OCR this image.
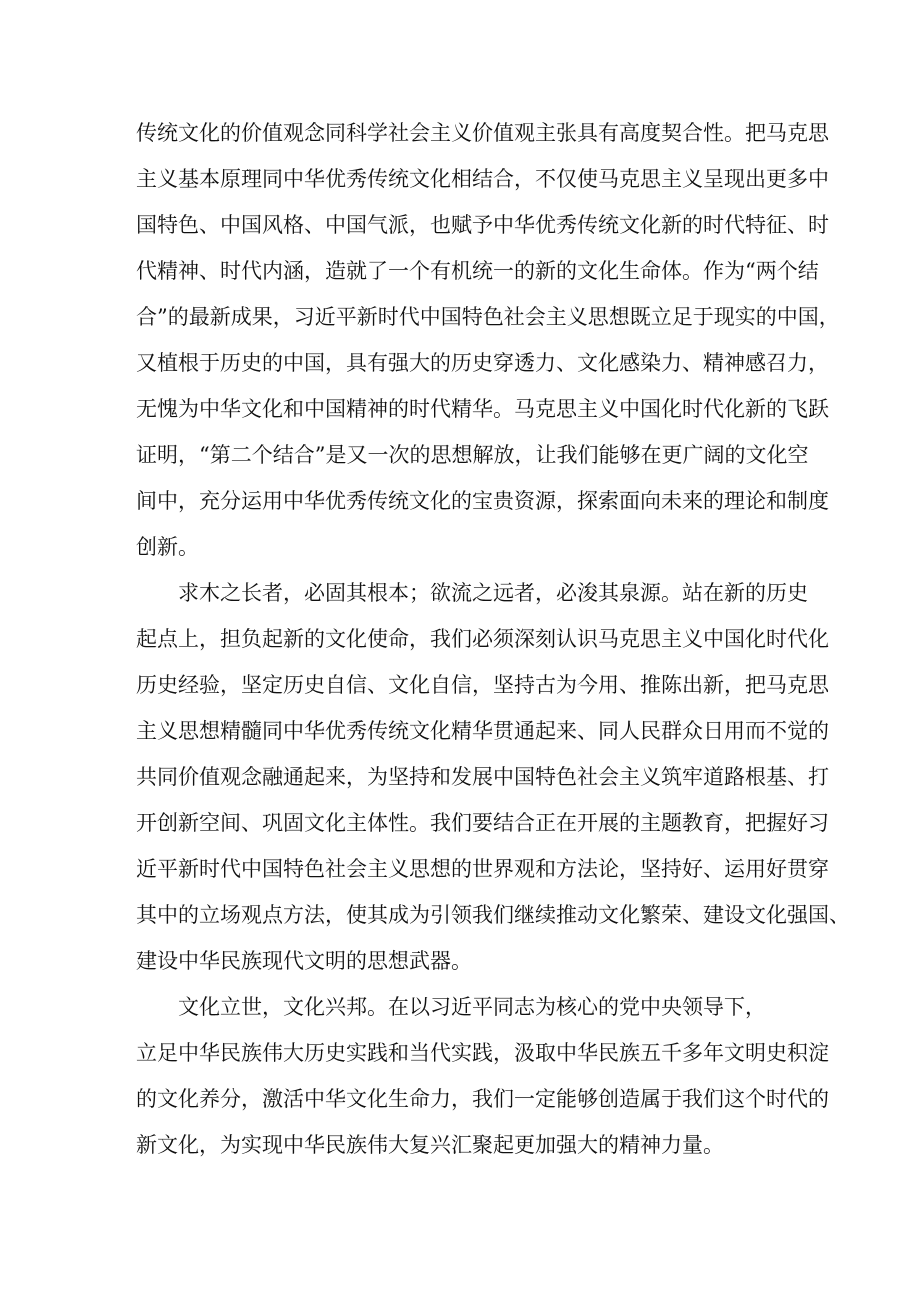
传统文化的价值观念同科学社会主义价值观主张具有高度契合性。把马克思
主义基本原理同中华优秀传统文化相结合，不仅使马克思主义呈现出更多中
国特色、中国风格、中国气派，也赋予中华优秀传统文化新的时代特征、时
代精神、时代内涵，造就了一个有机统一的新的文化生命体。作为“两个结
合”的最新成果，习近平新时代中国特色社会主义思想既立足于现实的中国，
又植根于历史的中国，具有强大的历史穿透力、文化感染力、精神感召力，
无愧为中华文化和中国精神的时代精华。马克思主义中国化时代化新的飞跃
证明，“第二个结合”是又一次的思想解放，让我们能够在更广阔的文化空
间中，充分运用中华优秀传统文化的宝贵资源，探索面向未来的理论和制度
创新。
求木之长者，必固其根本；欲流之远者，必浚其泉源。站在新的历史
起点上，担负起新的文化使命，我们必须深刻认识马克思主义中国化时代化
历史经验，坚定历史自信、文化自信，坚持古为今用、推陈出新，把马克思
主义思想精髓同中华优秀传统文化精华贯通起来、同人民群众日用而不觉的
共同价值观念融通起来，为坚持和发展中国特色社会主义筑牢道路根基、打
开创新空间、巩固文化主体性。我们要结合正在开展的主题教育，把握好习
近平新时代中国特色社会主义思想的世界观和方法论，坚持好、运用好贯穿
其中的立场观点方法，使其成为引领我们继续推动文化繁荣、建设文化强国、
建设中华民族现代文明的思想武器。
文化立世，文化兴邦。在以习近平同志为核心的党中央领导下，
立足中华民族伟大历史实践和当代实践，汲取中华民族五千多年文明史积淀
的文化养分，激活中华文化生命力，我们一定能够创造属于我们这个时代的
新文化，为实现中华民族伟大复兴汇聚起更加强大的精神力量。
